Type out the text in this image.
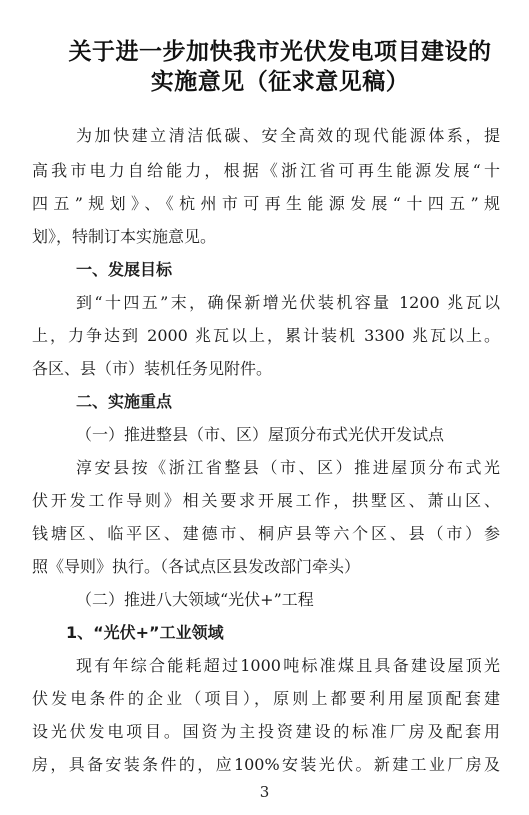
关于进一步加快我市光伏发电项目建设的
实施意见（征求意见稿）
为加快建立清洁低碳、安全高效的现代能源体系，提
高我市电力自给能力，根据《浙江省可再生能源发展“十
四五”规划》、《杭州市可再生能源发展“十四五”规
划》，特制订本实施意见。
一、发展目标
到“十四五”末，确保新增光伏装机容量 1200 兆瓦以
上，力争达到 2000 兆瓦以上，累计装机 3300 兆瓦以上。
各区、县（市）装机任务见附件。
二、实施重点
（一）推进整县（市、区）屋顶分布式光伏开发试点
淳安县按《浙江省整县（市、区）推进屋顶分布式光
伏开发工作导则》相关要求开展工作，拱墅区、萧山区、
钱塘区、临平区、建德市、桐庐县等六个区、县（市）参
照《导则》执行。（各试点区县发改部门牵头）
（二）推进八大领域“光伏+”工程
1、“光伏+”工业领域
现有年综合能耗超过1000吨标准煤且具备建设屋顶光
伏发电条件的企业（项目），原则上都要利用屋顶配套建
设光伏发电项目。国资为主投资建设的标准厂房及配套用
房，具备安装条件的，应100%安装光伏。新建工业厂房及
3
